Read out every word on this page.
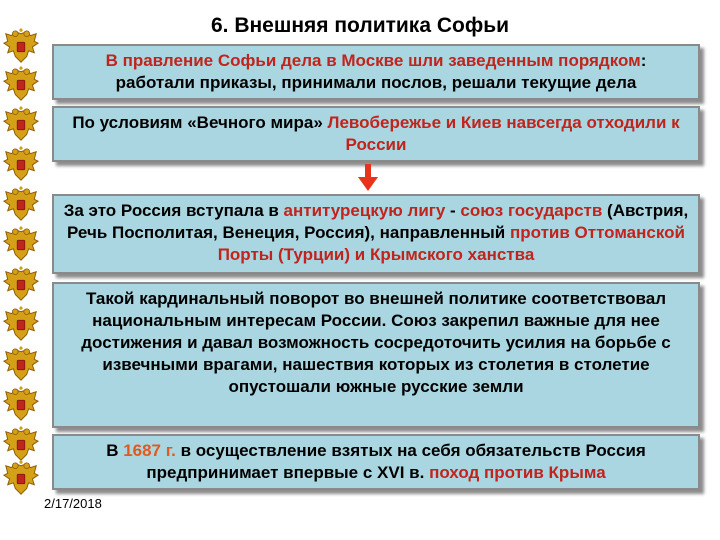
6. Внешняя политика Софьи
В правление Софьи дела в Москве шли заведенным порядком:
работали приказы, принимали послов, решали текущие дела
По условиям «Вечного мира» Левобережье и Киев навсегда отходили к России
За это Россия вступала в антитурецкую лигу - союз государств (Австрия, Речь Посполитая, Венеция, Россия), направленный против Оттоманской Порты (Турции) и Крымского ханства
Такой кардинальный поворот во внешней политике соответствовал национальным интересам России. Союз закрепил важные для нее достижения и давал возможность сосредоточить усилия на борьбе с извечными врагами, нашествия которых из столетия в столетие опустошали южные русские земли
В 1687 г. в осуществление взятых на себя обязательств Россия предпринимает впервые с XVI в. поход против Крыма
2/17/2018
